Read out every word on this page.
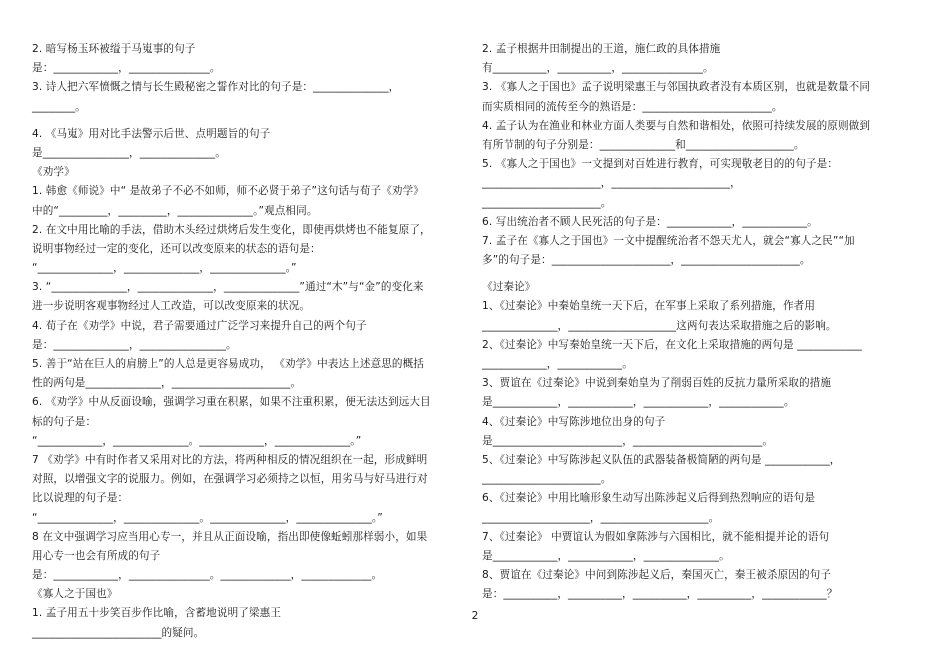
2. 暗写杨玉环被缢于马嵬事的句子
是：____________，_______________。
3. 诗人把六军愤慨之情与长生殿秘密之誓作对比的句子是：______________，
________。
4. 《马嵬》用对比手法警示后世、点明题旨的句子
是________________，______________。
《劝学》
1. 韩愈《师说》中“ 是故弟子不必不如师，师不必贤于弟子”这句话与荀子《劝学》
中的“_________，_________，______________。”观点相同。
2. 在文中用比喻的手法，借助木头经过烘烤后发生变化，即使再烘烤也不能复原了，
说明事物经过一定的变化，还可以改变原来的状态的语句是：
“______________，______________，______________。”
3. “______________，______________，______________”通过“木”与“金”的变化来
进一步说明客观事物经过人工改造，可以改变原来的状况。
4. 荀子在《劝学》中说，君子需要通过广泛学习来提升自己的两个句子
是：______________，________________。
5. 善于“站在巨人的肩膀上”的人总是更容易成功， 《劝学》中表达上述意思的概括
性的两句是______________，______________________。
6. 《劝学》中从反面设喻，强调学习重在积累，如果不注重积累，便无法达到远大目
标的句子是：
“____________，______________。____________，______________。”
7 《劝学》中有时作者又采用对比的方法，将两种相反的情况组织在一起，形成鲜明
对照，以增强文字的说服力。例如，在强调学习必须持之以恒，用劣马与好马进行对
比以说理的句子是：
“______________，______________。______________，______________。”
8 在文中强调学习应当用心专一，并且从正面设喻，指出即使像蚯蚓那样弱小，如果
用心专一也会有所成的句子
是：____________，_______________。_____________，_____________。
《寡人之于国也》
1. 孟子用五十步笑百步作比喻，含蓄地说明了梁惠王
________________________的疑问。
2. 孟子根据井田制提出的王道，施仁政的具体措施
有__________，__________，_______________。
3. 《寡人之于国也》孟子说明梁惠王与邻国执政者没有本质区别，也就是数量不同
而实质相同的流传至今的熟语是：________________________。
4. 孟子认为在渔业和林业方面人类要与自然和谐相处，依照可持续发展的原则做到
有所节制的句子分别是：______________和____________________。
5. 《寡人之于国也》一文提到对百姓进行教育，可实现敬老目的的句子是：
______________________，______________________，
______________________。
6. 写出统治者不顾人民死活的句子是：____________，____________。
7. 孟子在《寡人之于国也》一文中提醒统治者不怨天尤人，就会“寡人之民”“加
多”的句子是：______________________，______________________。
《过秦论》
1、《过秦论》中秦始皇统一天下后，在军事上采取了系列措施，作者用
______________，____________________这两句表达采取措施之后的影响。
2、《过秦论》中写秦始皇统一天下后，在文化上采取措施的两句是 ____________
____________，____________。
3、贾谊在《过秦论》中说到秦始皇为了削弱百姓的反抗力量所采取的措施
是____________，____________，____________，____________。
4、《过秦论》中写陈涉地位出身的句子
是________________________，________________________。
5、《过秦论》中写陈涉起义队伍的武器装备极简陋的两句是 ____________，
______________________。
6、《过秦论》中用比喻形象生动写出陈涉起义后得到热烈响应的语句是
____________________，____________________。
7、《过秦论》 中贾谊认为假如拿陈涉与六国相比，就不能相提并论的语句
是____________，____________，______________。
8、贾谊在《过秦论》中问到陈涉起义后，秦国灭亡，秦王被杀原因的句子
是：__________，__________，__________，__________，____________？
2
